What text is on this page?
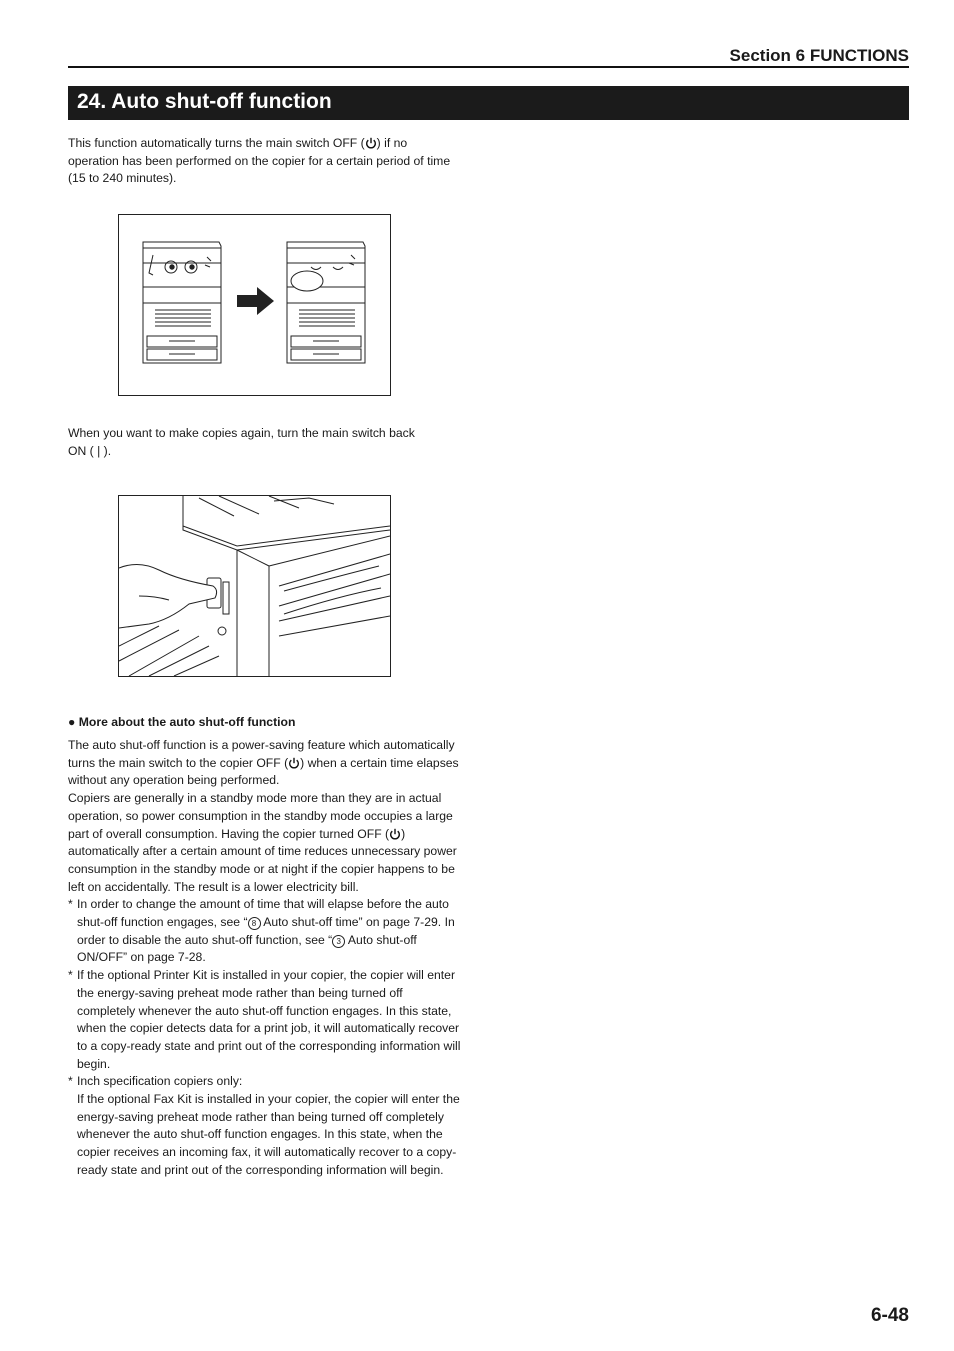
Section 6 FUNCTIONS
24. Auto shut-off function
This function automatically turns the main switch OFF ( ) if no operation has been performed on the copier for a certain period of time (15 to 240 minutes).
When you want to make copies again, turn the main switch back
ON ( | ).
● More about the auto shut-off function

The auto shut-off function is a power-saving feature which automatically turns the main switch to the copier OFF ( ) when a certain time elapses without any operation being performed.

Copiers are generally in a standby mode more than they are in actual operation, so power consumption in the standby mode occupies a large part of overall consumption. Having the copier turned OFF ( ) automatically after a certain amount of time reduces unnecessary power consumption in the standby mode or at night if the copier happens to be left on accidentally. The result is a lower electricity bill.

* In order to change the amount of time that will elapse before the auto shut-off function engages, see “ 8 Auto shut-off time” on page 7-29. In order to disable the auto shut-off function, see “ 3 Auto shut-off ON/OFF” on page 7-28.
* If the optional Printer Kit is installed in your copier, the copier will enter the energy-saving preheat mode rather than being turned off completely whenever the auto shut-off function engages. In this state, when the copier detects data for a print job, it will automatically recover to a copy-ready state and print out of the corresponding information will begin.
* Inch specification copiers only:
If the optional Fax Kit is installed in your copier, the copier will enter the energy-saving preheat mode rather than being turned off completely whenever the auto shut-off function engages. In this state, when the copier receives an incoming fax, it will automatically recover to a copy-ready state and print out of the corresponding information will begin.
6-48
